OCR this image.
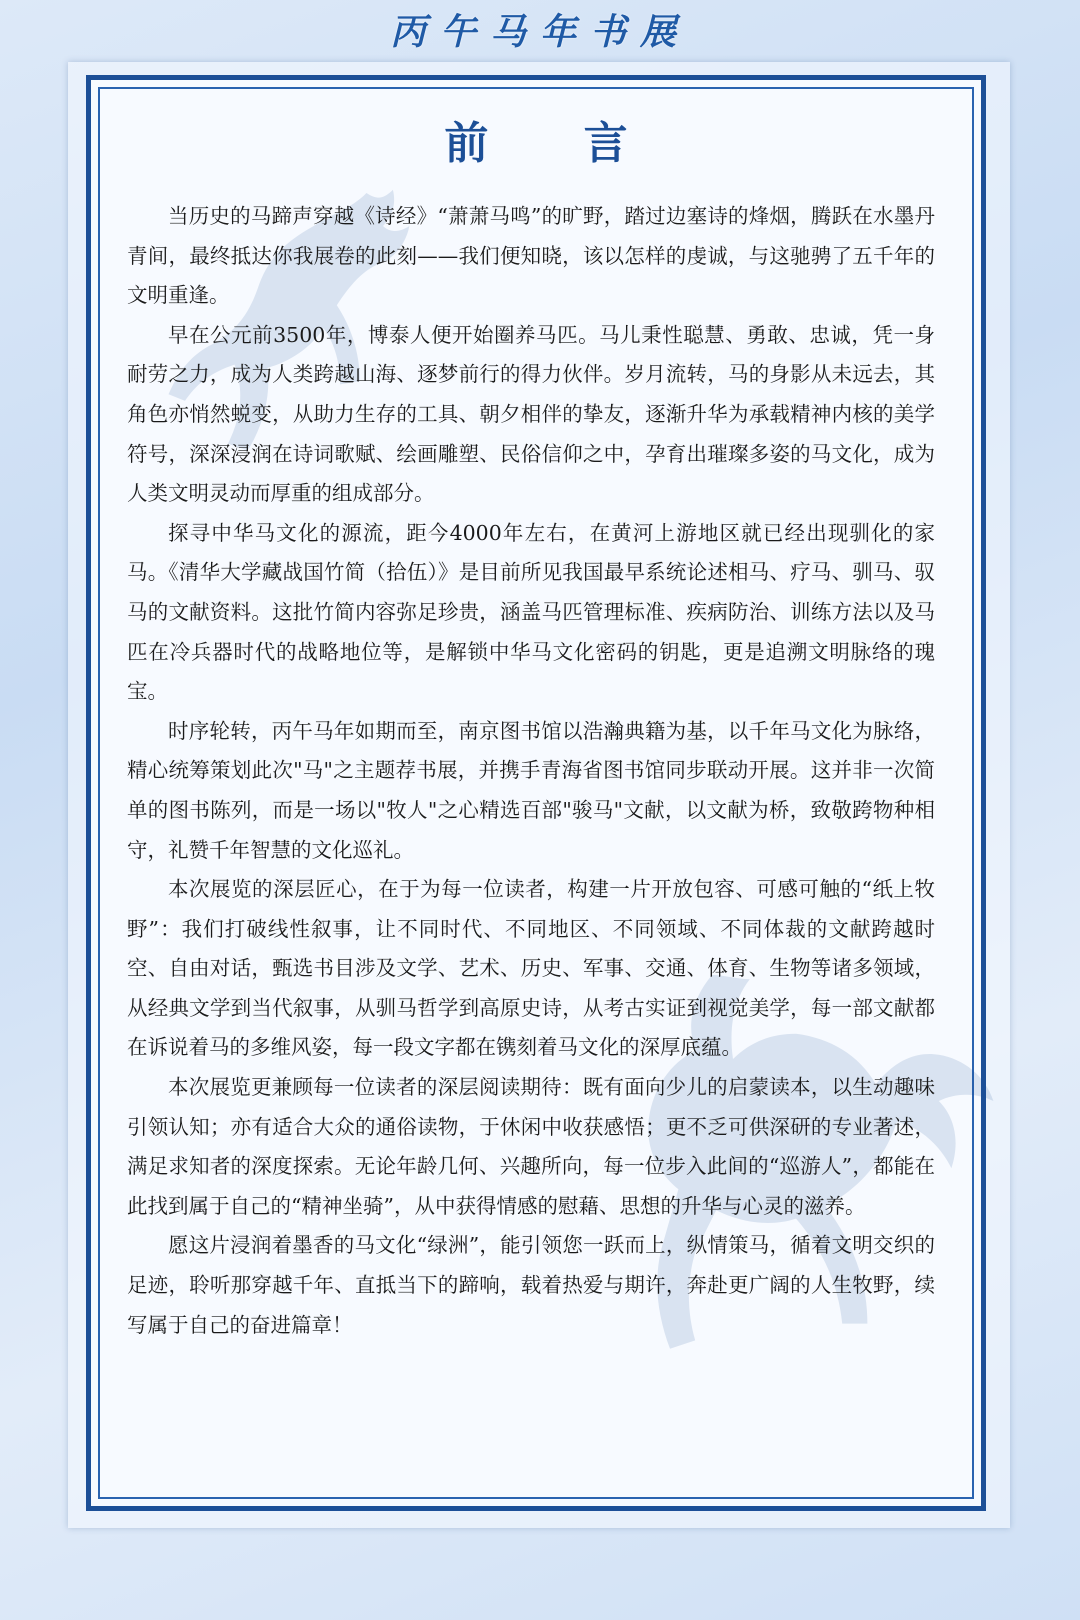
丙午马年书展
前 言

当历史的马蹄声穿越《诗经》“萧萧马鸣”的旷野，踏过边塞诗的烽烟，腾跃在水墨丹青间，最终抵达你我展卷的此刻——我们便知晓，该以怎样的虔诚，与这驰骋了五千年的文明重逢。

早在公元前3500年，博泰人便开始圈养马匹。马儿秉性聪慧、勇敢、忠诚，凭一身耐劳之力，成为人类跨越山海、逐梦前行的得力伙伴。岁月流转，马的身影从未远去，其角色亦悄然蜕变，从助力生存的工具、朝夕相伴的挚友，逐渐升华为承载精神内核的美学符号，深深浸润在诗词歌赋、绘画雕塑、民俗信仰之中，孕育出璀璨多姿的马文化，成为人类文明灵动而厚重的组成部分。

探寻中华马文化的源流，距今4000年左右，在黄河上游地区就已经出现驯化的家马。《清华大学藏战国竹简（拾伍）》是目前所见我国最早系统论述相马、疗马、驯马、驭马的文献资料。这批竹简内容弥足珍贵，涵盖马匹管理标准、疾病防治、训练方法以及马匹在冷兵器时代的战略地位等，是解锁中华马文化密码的钥匙，更是追溯文明脉络的瑰宝。

时序轮转，丙午马年如期而至，南京图书馆以浩瀚典籍为基，以千年马文化为脉络，精心统筹策划此次"马"之主题荐书展，并携手青海省图书馆同步联动开展。这并非一次简单的图书陈列，而是一场以"牧人"之心精选百部"骏马"文献，以文献为桥，致敬跨物种相守，礼赞千年智慧的文化巡礼。

本次展览的深层匠心，在于为每一位读者，构建一片开放包容、可感可触的“纸上牧野”：我们打破线性叙事，让不同时代、不同地区、不同领域、不同体裁的文献跨越时空、自由对话，甄选书目涉及文学、艺术、历史、军事、交通、体育、生物等诸多领域，从经典文学到当代叙事，从驯马哲学到高原史诗，从考古实证到视觉美学，每一部文献都在诉说着马的多维风姿，每一段文字都在镌刻着马文化的深厚底蕴。

本次展览更兼顾每一位读者的深层阅读期待：既有面向少儿的启蒙读本，以生动趣味引领认知；亦有适合大众的通俗读物，于休闲中收获感悟；更不乏可供深研的专业著述，满足求知者的深度探索。无论年龄几何、兴趣所向，每一位步入此间的“巡游人”，都能在此找到属于自己的“精神坐骑”，从中获得情感的慰藉、思想的升华与心灵的滋养。

愿这片浸润着墨香的马文化“绿洲”，能引领您一跃而上，纵情策马，循着文明交织的足迹，聆听那穿越千年、直抵当下的蹄响，载着热爱与期许，奔赴更广阔的人生牧野，续写属于自己的奋进篇章！
